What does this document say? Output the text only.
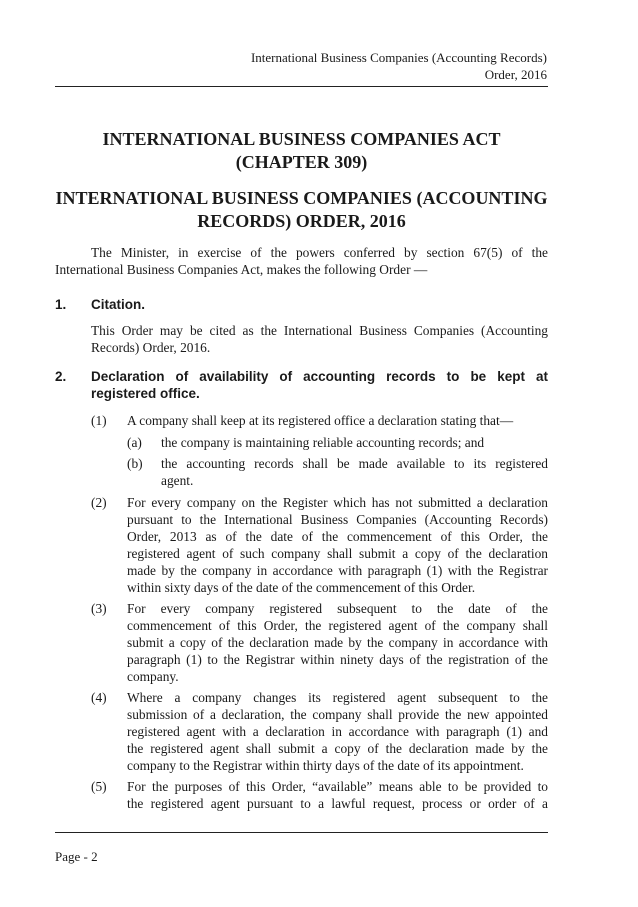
International Business Companies (Accounting Records)
Order, 2016
INTERNATIONAL BUSINESS COMPANIES ACT
(CHAPTER 309)
INTERNATIONAL BUSINESS COMPANIES (ACCOUNTING
RECORDS) ORDER, 2016
The Minister, in exercise of the powers conferred by section 67(5) of the
International Business Companies Act, makes the following Order —
1. Citation.
This Order may be cited as the International Business Companies (Accounting
Records) Order, 2016.
2. Declaration of availability of accounting records to be kept at
registered office.
(1) A company shall keep at its registered office a declaration stating that—
(a) the company is maintaining reliable accounting records; and
(b) the accounting records shall be made available to its registered
agent.
(2) For every company on the Register which has not submitted a declaration
pursuant to the International Business Companies (Accounting Records)
Order, 2013 as of the date of the commencement of this Order, the
registered agent of such company shall submit a copy of the declaration
made by the company in accordance with paragraph (1) with the Registrar
within sixty days of the date of the commencement of this Order.
(3) For every company registered subsequent to the date of the
commencement of this Order, the registered agent of the company shall
submit a copy of the declaration made by the company in accordance with
paragraph (1) to the Registrar within ninety days of the registration of the
company.
(4) Where a company changes its registered agent subsequent to the
submission of a declaration, the company shall provide the new appointed
registered agent with a declaration in accordance with paragraph (1) and
the registered agent shall submit a copy of the declaration made by the
company to the Registrar within thirty days of the date of its appointment.
(5) For the purposes of this Order, “available” means able to be provided to
the registered agent pursuant to a lawful request, process or order of a
Page - 2
